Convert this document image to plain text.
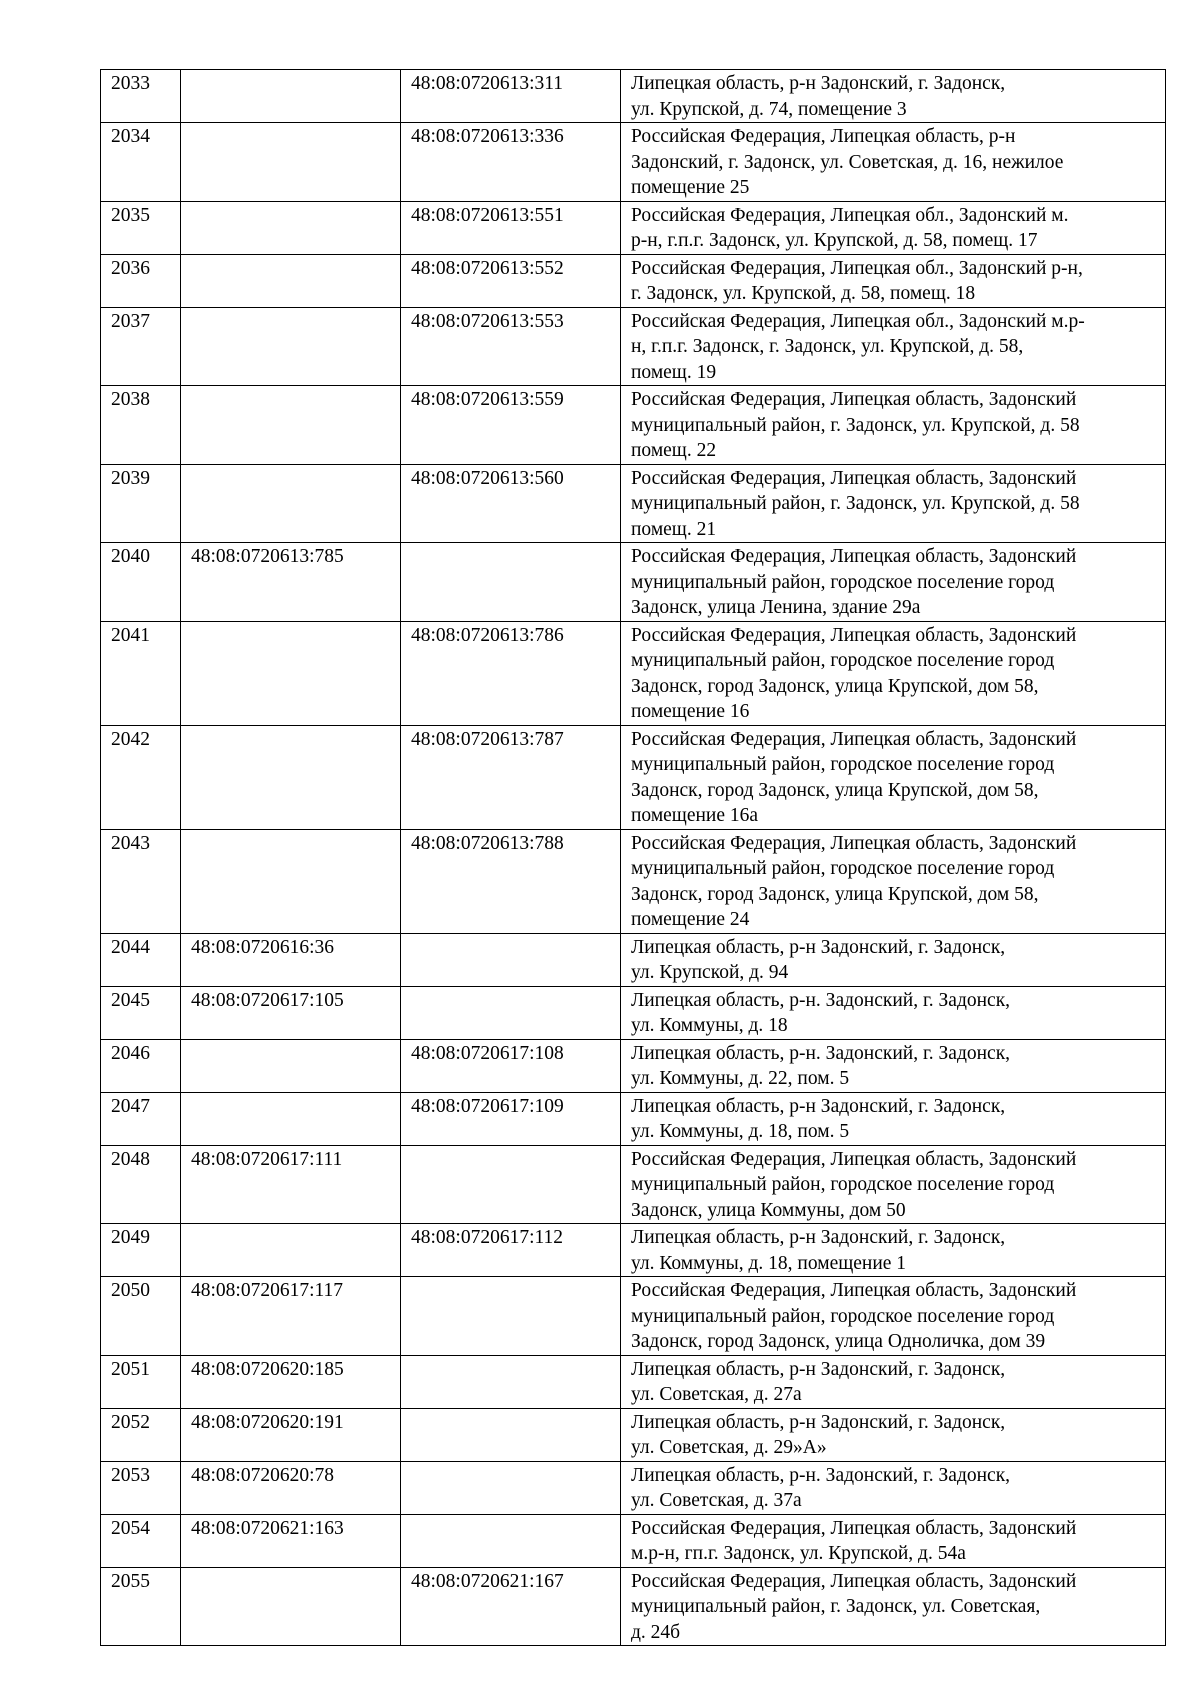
2033		48:08:0720613:311	Липецкая область, р-н Задонский, г. Задонск,
ул. Крупской, д. 74, помещение 3

2034		48:08:0720613:336	Российская Федерация, Липецкая область, р-н
Задонский, г. Задонск, ул. Советская, д. 16, нежилое
помещение 25

2035		48:08:0720613:551	Российская Федерация, Липецкая обл., Задонский м.
р-н, г.п.г. Задонск, ул. Крупской, д. 58, помещ. 17

2036		48:08:0720613:552	Российская Федерация, Липецкая обл., Задонский р-н,
г. Задонск, ул. Крупской, д. 58, помещ. 18

2037		48:08:0720613:553	Российская Федерация, Липецкая обл., Задонский м.р-
н, г.п.г. Задонск, г. Задонск, ул. Крупской, д. 58,
помещ. 19

2038		48:08:0720613:559	Российская Федерация, Липецкая область, Задонский
муниципальный район, г. Задонск, ул. Крупской, д. 58
помещ. 22

2039		48:08:0720613:560	Российская Федерация, Липецкая область, Задонский
муниципальный район, г. Задонск, ул. Крупской, д. 58
помещ. 21

2040	48:08:0720613:785		Российская Федерация, Липецкая область, Задонский
муниципальный район, городское поселение город
Задонск, улица Ленина, здание 29а

2041		48:08:0720613:786	Российская Федерация, Липецкая область, Задонский
муниципальный район, городское поселение город
Задонск, город Задонск, улица Крупской, дом 58,
помещение 16

2042		48:08:0720613:787	Российская Федерация, Липецкая область, Задонский
муниципальный район, городское поселение город
Задонск, город Задонск, улица Крупской, дом 58,
помещение 16а

2043		48:08:0720613:788	Российская Федерация, Липецкая область, Задонский
муниципальный район, городское поселение город
Задонск, город Задонск, улица Крупской, дом 58,
помещение 24

2044	48:08:0720616:36		Липецкая область, р-н Задонский, г. Задонск,
ул. Крупской, д. 94

2045	48:08:0720617:105		Липецкая область, р-н. Задонский, г. Задонск,
ул. Коммуны, д. 18

2046		48:08:0720617:108	Липецкая область, р-н. Задонский, г. Задонск,
ул. Коммуны, д. 22, пом. 5

2047		48:08:0720617:109	Липецкая область, р-н Задонский, г. Задонск,
ул. Коммуны, д. 18, пом. 5

2048	48:08:0720617:111		Российская Федерация, Липецкая область, Задонский
муниципальный район, городское поселение город
Задонск, улица Коммуны, дом 50

2049		48:08:0720617:112	Липецкая область, р-н Задонский, г. Задонск,
ул. Коммуны, д. 18, помещение 1

2050	48:08:0720617:117		Российская Федерация, Липецкая область, Задонский
муниципальный район, городское поселение город
Задонск, город Задонск, улица Одноличка, дом 39

2051	48:08:0720620:185		Липецкая область, р-н Задонский, г. Задонск,
ул. Советская, д. 27а

2052	48:08:0720620:191		Липецкая область, р-н Задонский, г. Задонск,
ул. Советская, д. 29»А»

2053	48:08:0720620:78		Липецкая область, р-н. Задонский, г. Задонск,
ул. Советская, д. 37а

2054	48:08:0720621:163		Российская Федерация, Липецкая область, Задонский
м.р-н, гп.г. Задонск, ул. Крупской, д. 54а

2055		48:08:0720621:167	Российская Федерация, Липецкая область, Задонский
муниципальный район, г. Задонск, ул. Советская,
д. 24б
